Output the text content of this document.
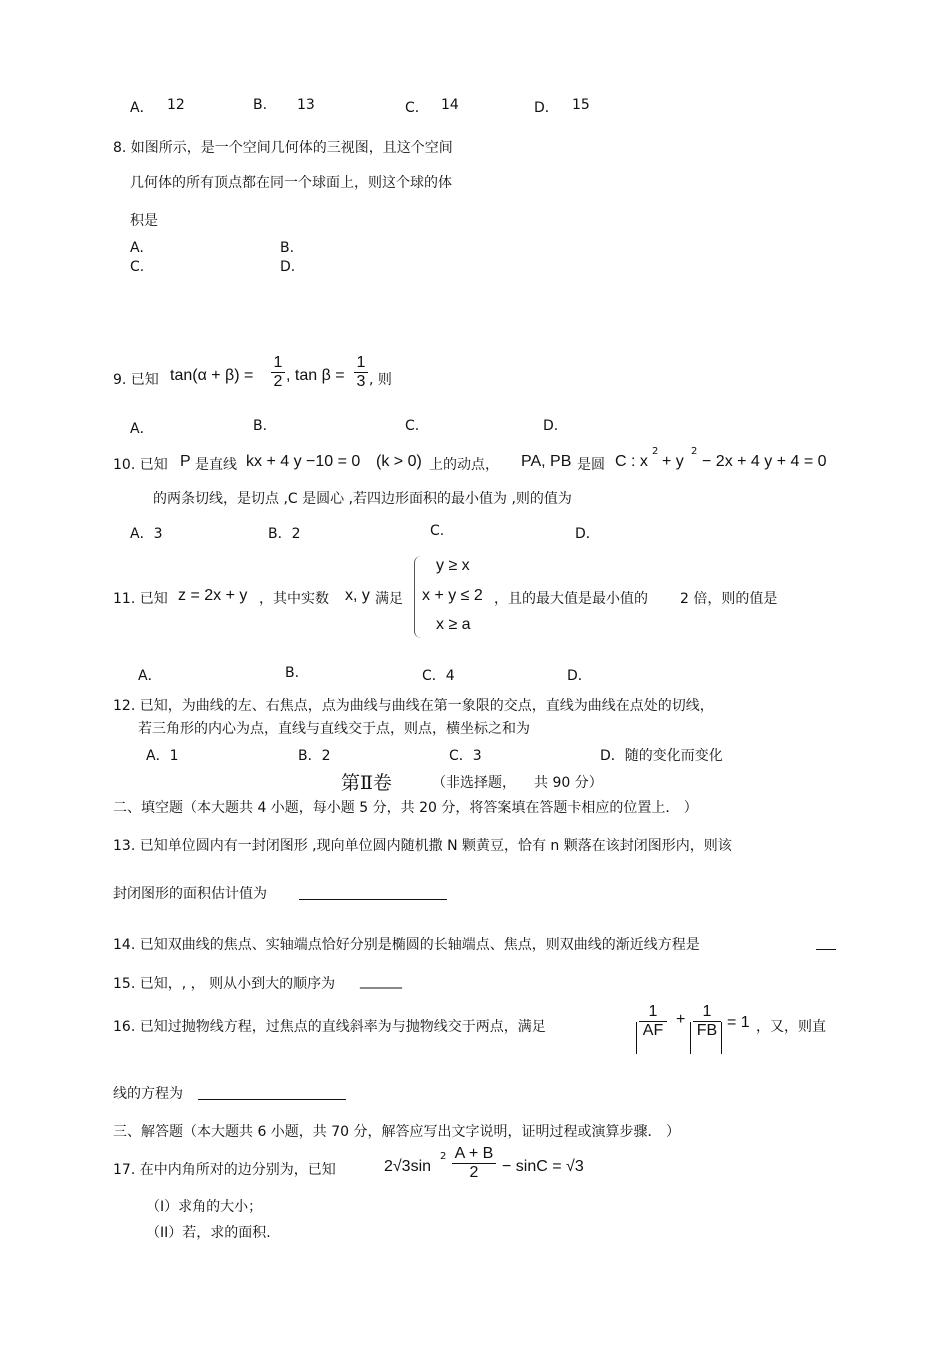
A． 12	B. 13	C． 14	D． 15
8. 如图所示，是一个空间几何体的三视图，且这个空间
几何体的所有顶点都在同一个球面上，则这个球的体
积是
A.	B.
C.	D.
9. 已知 $\tan(\alpha + \beta) = \frac{1}{2}$ , $\tan \beta = \frac{1}{3}$ , 则
A．	B.	C.	D.
10. 已知 P 是直线 kx + 4 y −10 = 0 (k > 0) 上的动点， PA, PB 是圆 C : x
2
+ y
2
− 2x + 4 y + 4 = 0
的两条切线，是切点 ,C 是圆心 ,若四边形面积的最小值为 ,则的值为
A．3	B．2	C.	D．
11. 已知 z = 2x + y ，其中实数 x, y 满足
y ≥ x
x + y ≤ 2
x ≥ a
，且的最大值是最小值的 2 倍，则的值是
A．	B.	C．4	D．
12. 已知，为曲线的左、右焦点，点为曲线与曲线在第一象限的交点，直线为曲线在点处的切线，
若三角形的内心为点，直线与直线交于点，则点，横坐标之和为
A．1	B．2	C．3	D．随的变化而变化
第Ⅱ卷	（非选择题， 共 90 分）
二、填空题（本大题共 4 小题，每小题 5 分，共 20 分，将答案填在答题卡相应的位置上． ）
13. 已知单位圆内有一封闭图形 ,现向单位圆内随机撒 N 颗黄豆，恰有 n 颗落在该封闭图形内，则该
封闭图形的面积估计值为
14. 已知双曲线的焦点、实轴端点恰好分别是椭圆的长轴端点、焦点，则双曲线的渐近线方程是
15. 已知，, ， 则从小到大的顺序为 ______
16. 已知过抛物线方程，过焦点的直线斜率为与抛物线交于两点，满足	$\frac{1}{AF} + \frac{1}{FB} = 1$ ，又，则直
线的方程为
三、解答题（本大题共 6 小题，共 70 分，解答应写出文字说明，证明过程或演算步骤． ）
17. 在中内角所对的边分别为，已知	2√3sin
$2 \frac{A + B}{2} - \sin C = √3$
（I）求角的大小；
（II）若，求的面积.
